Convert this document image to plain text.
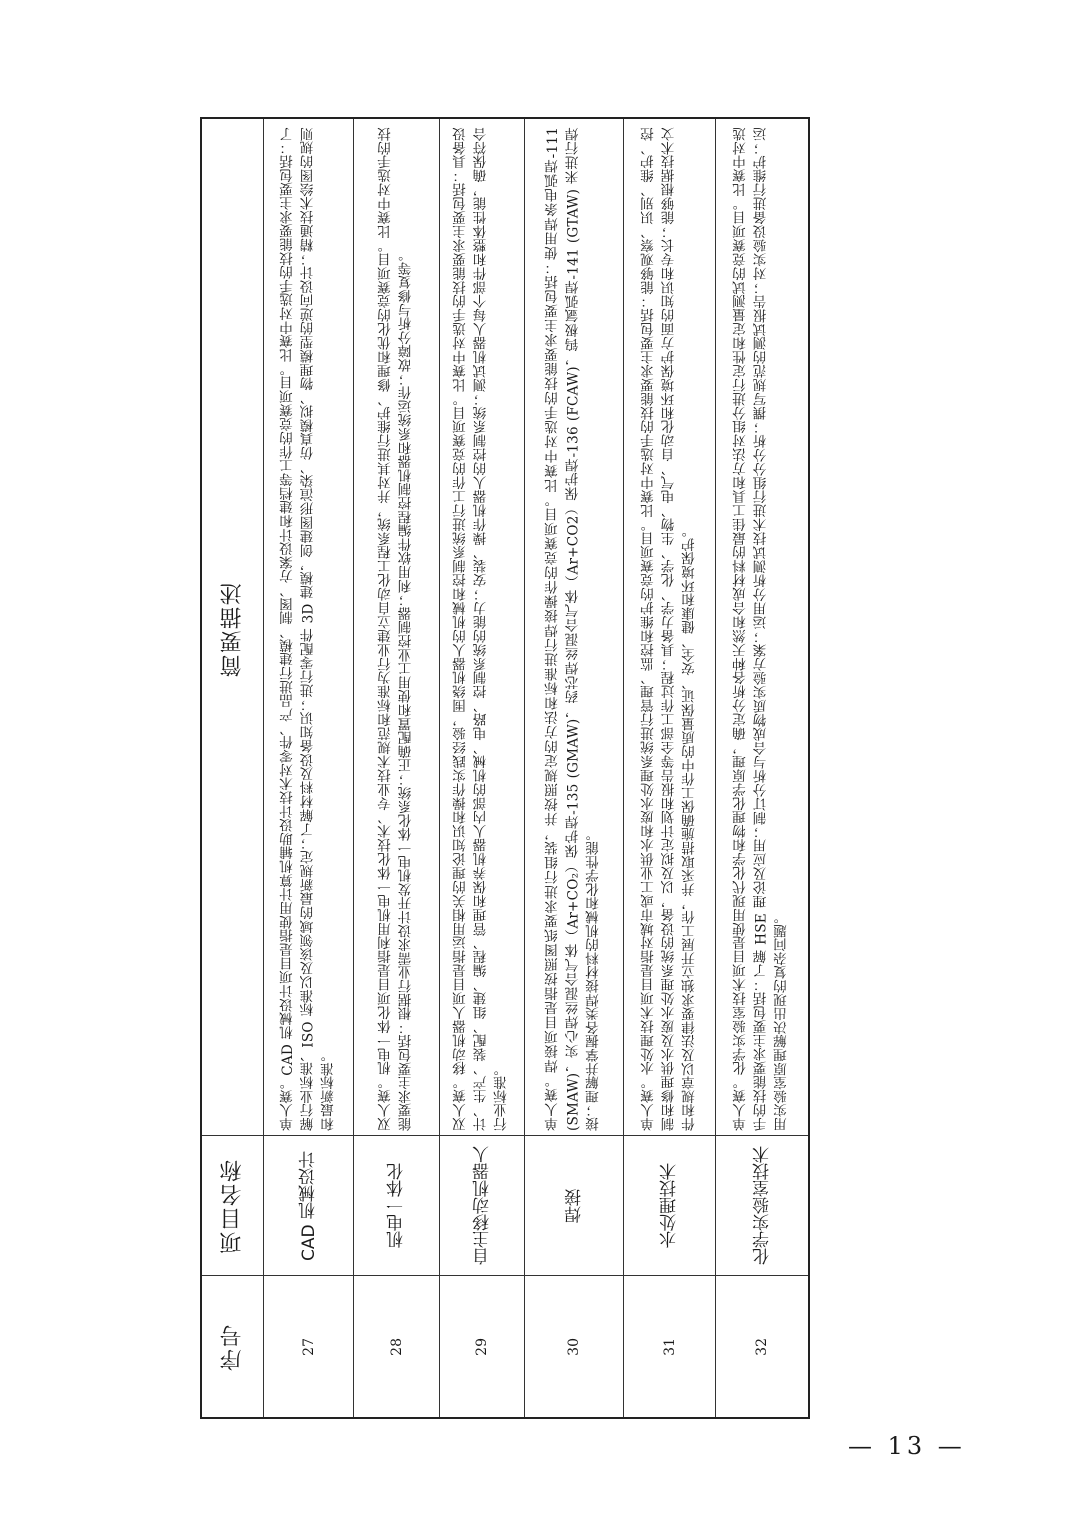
序号
项目名称
简要描述
27
CAD 机械设计
单人赛。CAD 机械设计项目是指使用计算机辅助设计技术对零件、产品进行建模、制图、方案设计和建档等工作的竞赛项目。比赛中对选手的技能要求主要包括：了解行业标准、ISO 标准以及该领域的最新规定；了解材料及设备知识；进行零配件 3D 建模，创建图形渲染、仿真模拟、物理模型的逆向设计；精通技术绘图的规则和最新标准。
28
机电一体化
双人赛。机电一体化项目是指利用机电一体化技术、专业技术规范和标准为行业建立自动化工程系统，并对其进行维护、修理和优化的竞赛项目。比赛中对选手的技能要求主要包括：根据行业需求设计开发机电一体化系统；正确配置和使用工业控制器；利用软件编程控制机器和系统运作；故障分析与修复等。
29
自主移动机器人
双人赛。移动机器人项目是指运用相关的理论知识和操作实践经验，围绕机器人的机械和控制系统进行工作的竞赛项目。比赛中对选手的技能要求主要包括：具备设计、生产、装配、组建、编程、管理和保养机器人内部的机械、电路、控制系统的能力；安装、操作机器人的控制系统；测试机器人每个部件和整体性能，确保符合行业标准。
30
焊接
单人赛。焊接项目是指按照图纸要求进行组装，并按照规定的方法和标准进行焊接操作的竞赛项目。比赛中对选手的技能要求主要包括：使用焊条电弧焊-111 (SMAW)，实心焊丝混合气体（Ar+CO₂）保护焊-135 (GMAW)，药芯焊丝混合气体（Ar+CO2）保护焊-136 (FCAW)，钨极氩弧焊-141 (GTAW) 来进行焊接；理解并掌握各类焊接材料的机械和化学性能。
31
水处理技术
单人赛。水处理技术项目是指对城市或工业供水和废水处理系统进行管理、监控和维护的竞赛项目。比赛中对选手的技能要求主要包括：能够观察、识别、维护、控制和修理供水及废水处理系统的设备，以及拟定计划和报告等全部工作过程；具备力学、化学、生物、电气、自动化和环境保护方面的知识和专长；能够根据技术文件和规章以及法律要求独立开展工作，并采取措施确保工作中的质量保证、安全、健康和环境保护。
32
化学实验室技术
单人赛。化学实验室技术项目是使用现代化学和物理化学原理，确定分析各种天然和合成材料的最佳工具和方法对组分进行定性和定量测试的竞赛项目。比赛中对选手的技能要求主要包括：了解 HSE 理论及应用；制订分析与合成物质实验方案；运用分析测试技术进行组分分析；撰写规范的测试报告；对实验设备进行维护；运用实验室原理解决出现的复杂问题。
— 13 —
